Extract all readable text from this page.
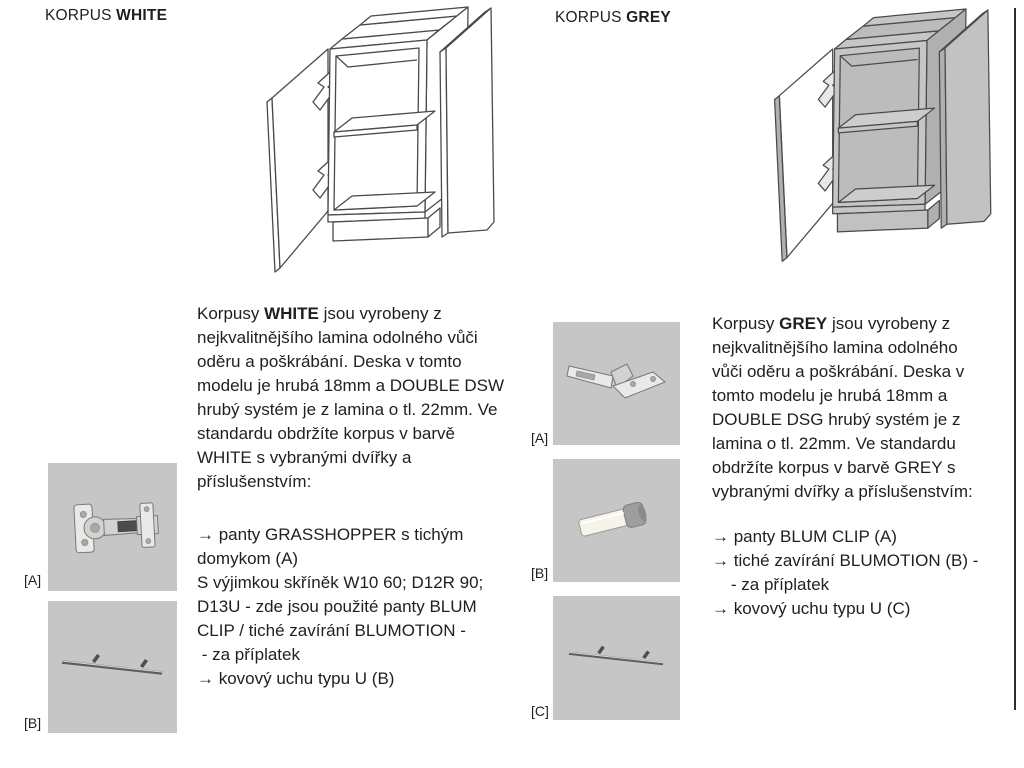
KORPUS WHITE
Korpusy WHITE jsou vyrobeny z
nejkvalitnějšího lamina odolného vůči
oděru a poškrábání. Deska v tomto
modelu je hrubá 18mm a DOUBLE DSW
hrubý systém je z lamina o tl. 22mm. Ve
standardu obdržíte korpus v barvě
WHITE s vybranými dvířky a
příslušenstvím:
→ panty GRASSHOPPER s tichým
domykom (A)
S výjimkou skříněk W10 60; D12R 90;
D13U - zde jsou použité panty BLUM
CLIP / tiché zavírání BLUMOTION -
- za příplatek
→ kovový uchu typu U (B)
[A]
[B]
KORPUS GREY
[A]
[B]
[C]
Korpusy GREY jsou vyrobeny z
nejkvalitnějšího lamina odolného
vůči oděru a poškrábání. Deska v
tomto modelu je hrubá 18mm a
DOUBLE DSG hrubý systém je z
lamina o tl. 22mm. Ve standardu
obdržíte korpus v barvě GREY s
vybranými dvířky a příslušenstvím:
→ panty BLUM CLIP (A)
→ tiché zavírání BLUMOTION (B) -
- za příplatek
→ kovový uchu typu U (C)
